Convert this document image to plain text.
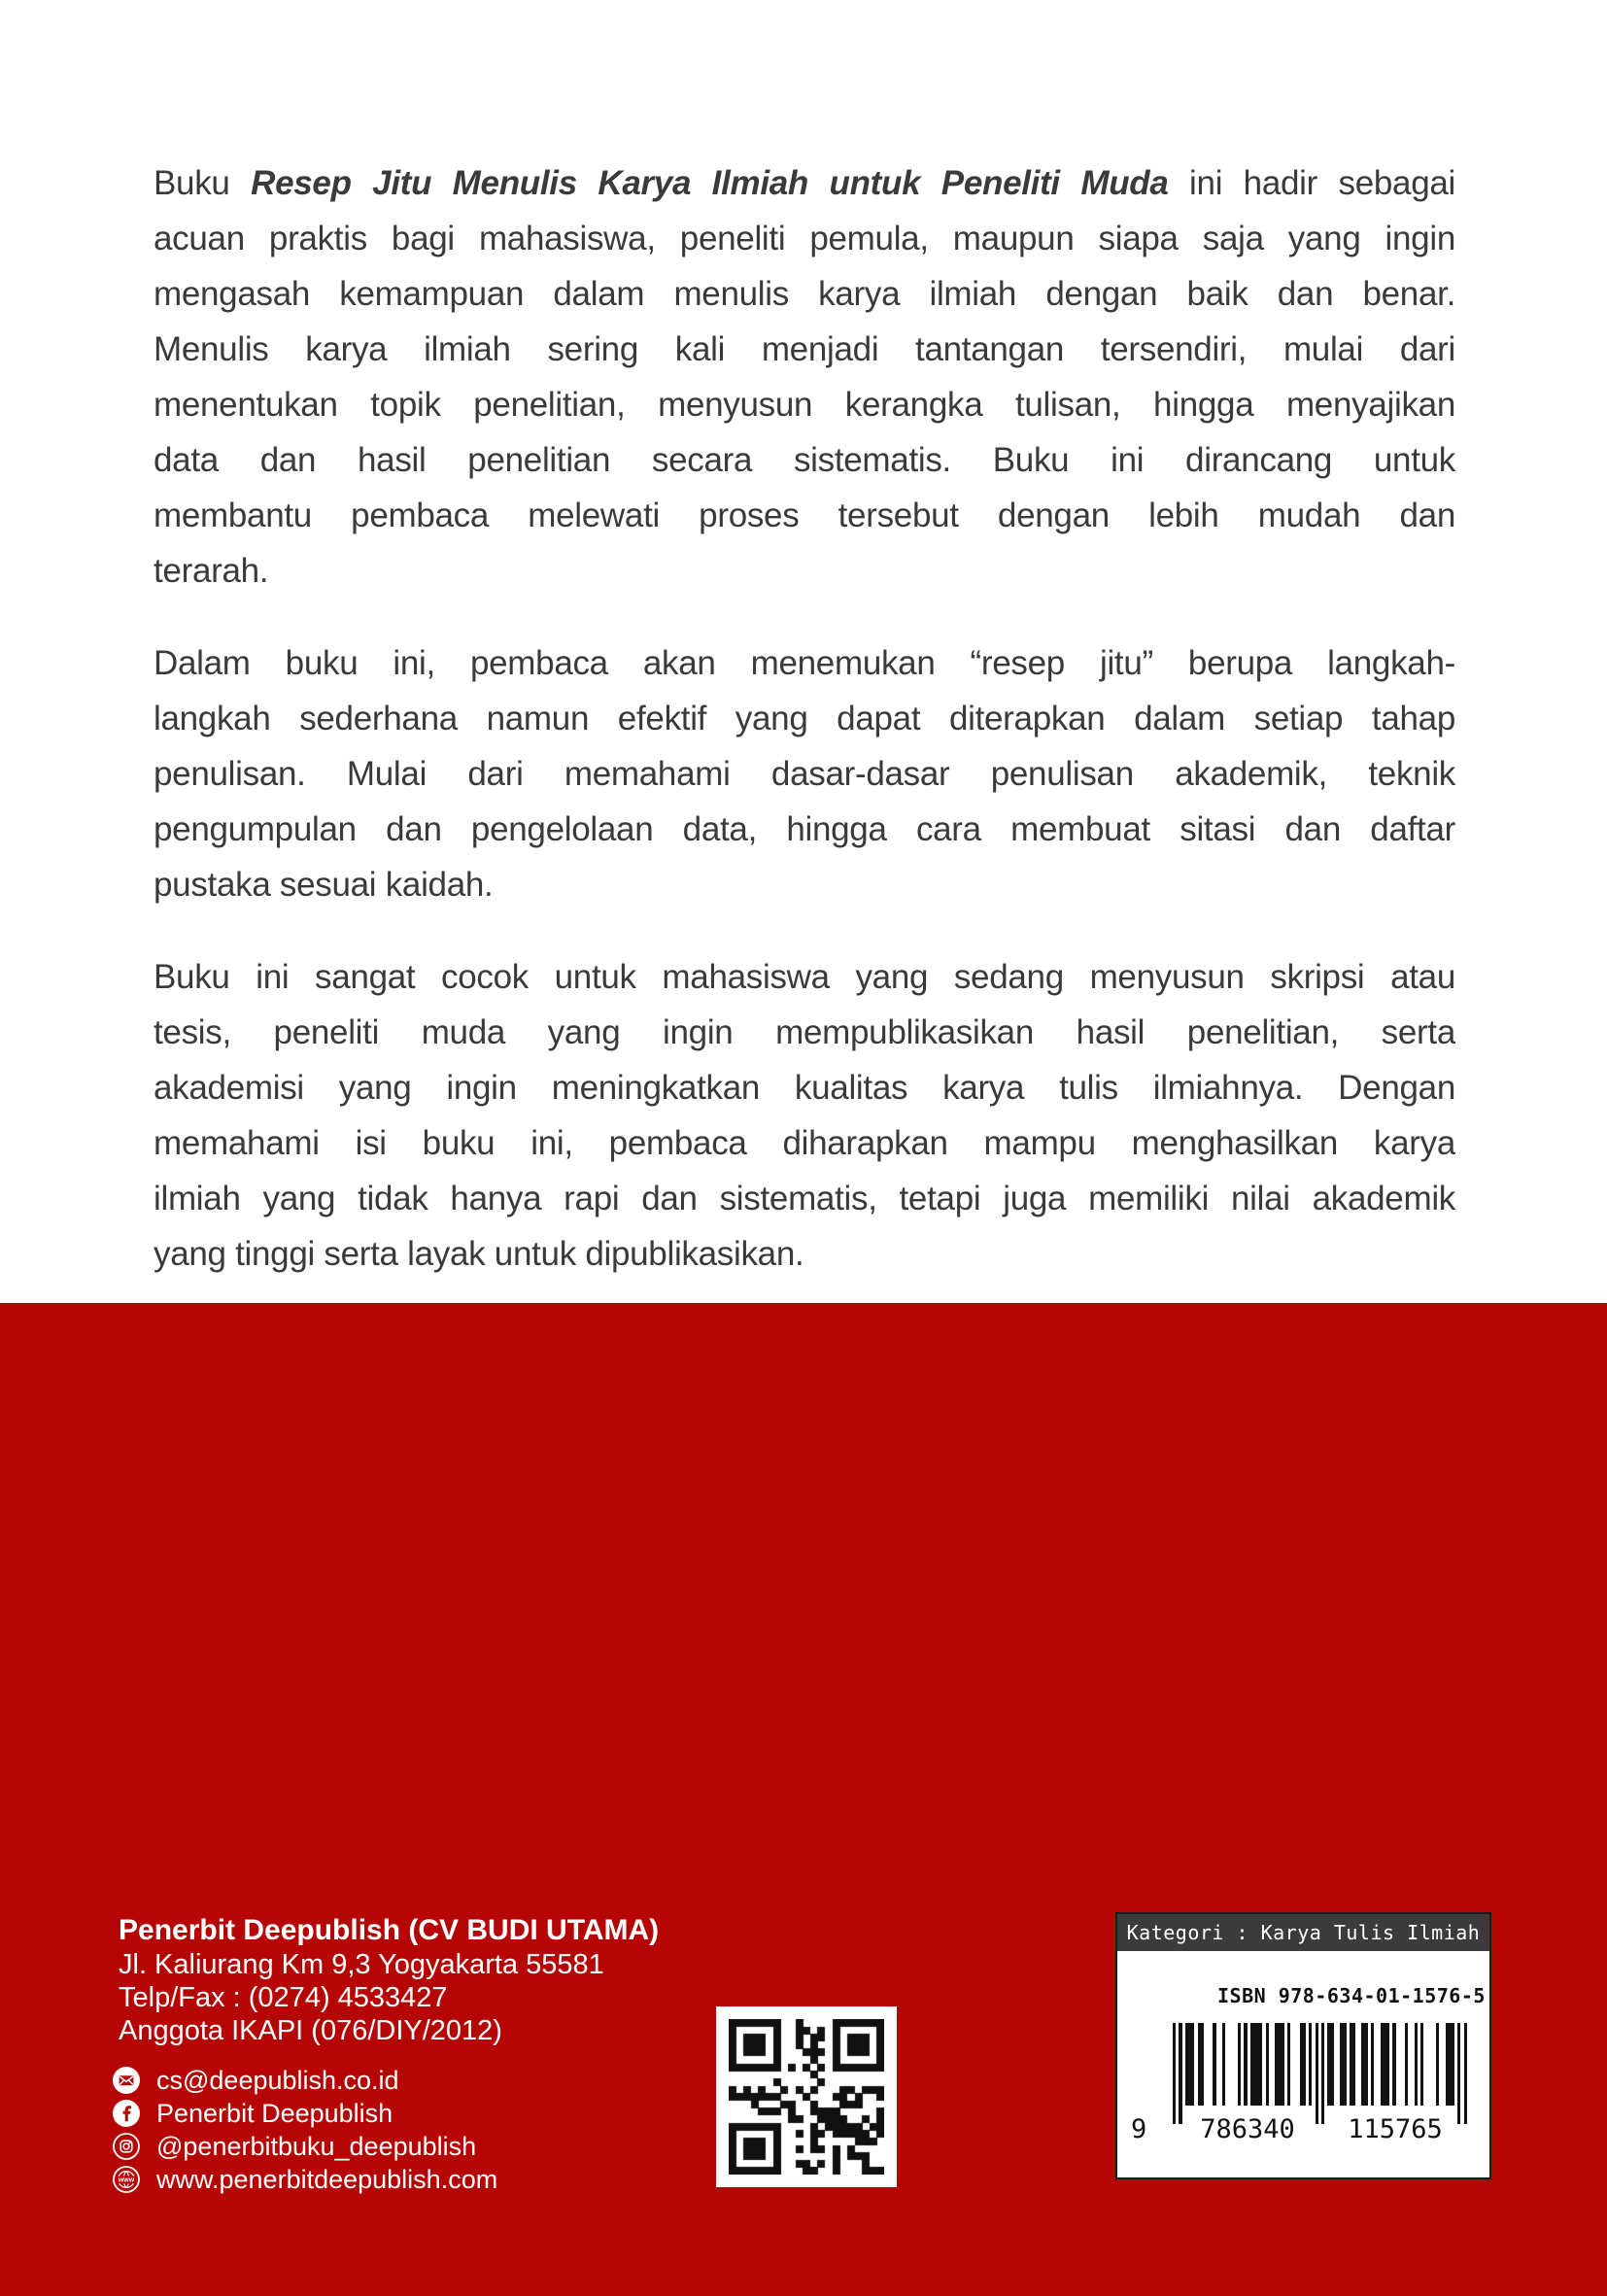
Buku Resep Jitu Menulis Karya Ilmiah untuk Peneliti Muda ini hadir sebagai
acuan praktis bagi mahasiswa, peneliti pemula, maupun siapa saja yang ingin
mengasah kemampuan dalam menulis karya ilmiah dengan baik dan benar.
Menulis karya ilmiah sering kali menjadi tantangan tersendiri, mulai dari
menentukan topik penelitian, menyusun kerangka tulisan, hingga menyajikan
data dan hasil penelitian secara sistematis. Buku ini dirancang untuk
membantu pembaca melewati proses tersebut dengan lebih mudah dan
terarah.
Dalam buku ini, pembaca akan menemukan “resep jitu” berupa langkah-
langkah sederhana namun efektif yang dapat diterapkan dalam setiap tahap
penulisan. Mulai dari memahami dasar-dasar penulisan akademik, teknik
pengumpulan dan pengelolaan data, hingga cara membuat sitasi dan daftar
pustaka sesuai kaidah.
Buku ini sangat cocok untuk mahasiswa yang sedang menyusun skripsi atau
tesis, peneliti muda yang ingin mempublikasikan hasil penelitian, serta
akademisi yang ingin meningkatkan kualitas karya tulis ilmiahnya. Dengan
memahami isi buku ini, pembaca diharapkan mampu menghasilkan karya
ilmiah yang tidak hanya rapi dan sistematis, tetapi juga memiliki nilai akademik
yang tinggi serta layak untuk dipublikasikan.
Penerbit Deepublish (CV BUDI UTAMA)
Jl. Kaliurang Km 9,3 Yogyakarta 55581
Telp/Fax : (0274) 4533427
Anggota IKAPI (076/DIY/2012)
cs@deepublish.co.id
Penerbit Deepublish
@penerbitbuku_deepublish
www www.penerbitdeepublish.com
Kategori : Karya Tulis Ilmiah
ISBN 978-634-01-1576-5
9	786340	115765
